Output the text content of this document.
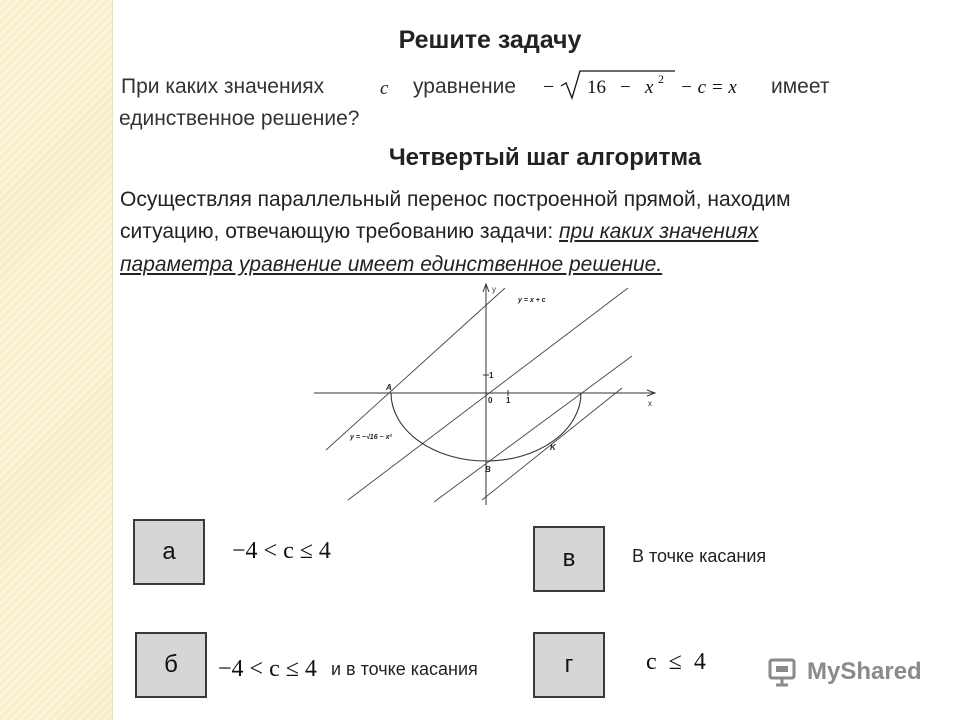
Решите задачу
При каких значениях	c уравнение − 16 − x 2 − c = x имеет
единственное решение?
Четвертый шаг алгоритма
Осуществляя параллельный перенос построенной прямой, находим
ситуацию, отвечающую требованию задачи: при каких значениях
параметра уравнение имеет единственное решение.
x
y
0 1
1
A
B
K
y = x + c
y = −√16 − x²
а	−4 < c ≤ 4
б	−4 < c ≤ 4 и в точке касания
в	В точке касания
г	c  ≤  4	MyShared
